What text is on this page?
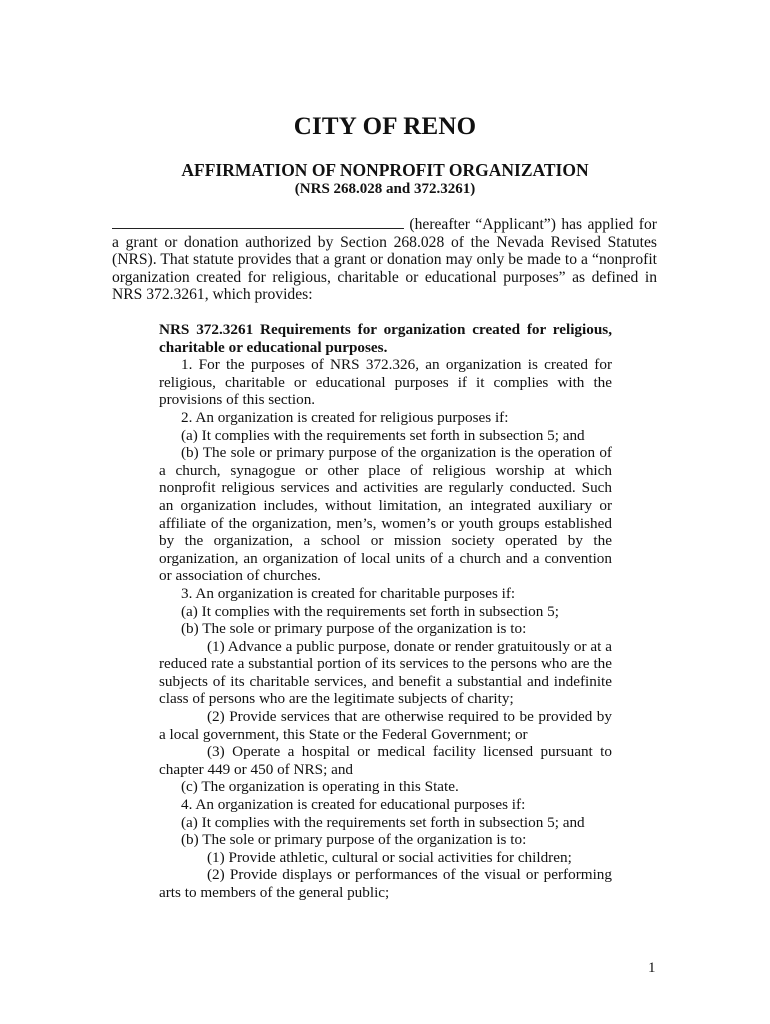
CITY OF RENO
AFFIRMATION OF NONPROFIT ORGANIZATION
(NRS 268.028 and 372.3261)

(hereafter “Applicant”) has applied for a grant or donation authorized by Section 268.028 of the Nevada Revised Statutes (NRS). That statute provides that a grant or donation may only be made to a “nonprofit organization created for religious, charitable or educational purposes” as defined in NRS 372.3261, which provides:

NRS 372.3261 Requirements for organization created for religious, charitable or educational purposes.

1. For the purposes of NRS 372.326, an organization is created for religious, charitable or educational purposes if it complies with the provisions of this section.

2. An organization is created for religious purposes if:

(a) It complies with the requirements set forth in subsection 5; and

(b) The sole or primary purpose of the organization is the operation of a church, synagogue or other place of religious worship at which nonprofit religious services and activities are regularly conducted. Such an organization includes, without limitation, an integrated auxiliary or affiliate of the organization, men’s, women’s or youth groups established by the organization, a school or mission society operated by the organization, an organization of local units of a church and a convention or association of churches.

3. An organization is created for charitable purposes if:

(a) It complies with the requirements set forth in subsection 5;

(b) The sole or primary purpose of the organization is to:

(1) Advance a public purpose, donate or render gratuitously or at a reduced rate a substantial portion of its services to the persons who are the subjects of its charitable services, and benefit a substantial and indefinite class of persons who are the legitimate subjects of charity;

(2) Provide services that are otherwise required to be provided by a local government, this State or the Federal Government; or

(3) Operate a hospital or medical facility licensed pursuant to chapter 449 or 450 of NRS; and

(c) The organization is operating in this State.

4. An organization is created for educational purposes if:

(a) It complies with the requirements set forth in subsection 5; and

(b) The sole or primary purpose of the organization is to:

(1) Provide athletic, cultural or social activities for children;

(2) Provide displays or performances of the visual or performing arts to members of the general public;

1
